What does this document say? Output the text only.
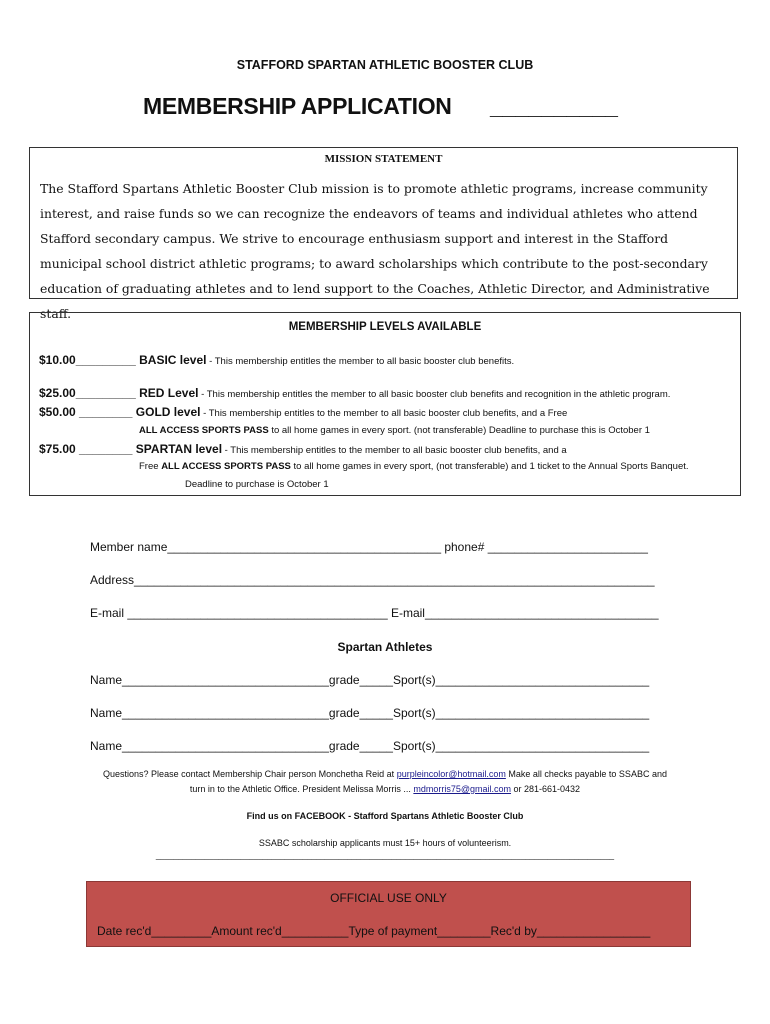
STAFFORD SPARTAN ATHLETIC BOOSTER CLUB
MEMBERSHIP APPLICATION __________
MISSION STATEMENT
The Stafford Spartans Athletic Booster Club mission is to promote athletic programs, increase community interest, and raise funds so we can recognize the endeavors of teams and individual athletes who attend Stafford secondary campus. We strive to encourage enthusiasm support and interest in the Stafford municipal school district athletic programs; to award scholarships which contribute to the post-secondary education of graduating athletes and to lend support to the Coaches, Athletic Director, and Administrative staff.
MEMBERSHIP LEVELS AVAILABLE
$10.00_________ BASIC level - This membership entitles the member to all basic booster club benefits.
$25.00_________ RED Level - This membership entitles the member to all basic booster club benefits and recognition in the athletic program.
$50.00 ________ GOLD level - This membership entitles to the member to all basic booster club benefits, and a Free
ALL ACCESS SPORTS PASS to all home games in every sport. (not transferable) Deadline to purchase this is October 1
$75.00 ________ SPARTAN level - This membership entitles to the member to all basic booster club benefits, and a
Free ALL ACCESS SPORTS PASS to all home games in every sport, (not transferable) and 1 ticket to the Annual Sports Banquet.
Deadline to purchase is October 1
Member name_________________________________________ phone# ________________________
Address______________________________________________________________________________
E-mail _______________________________________ E-mail___________________________________
Spartan Athletes
Name_______________________________grade_____Sport(s)________________________________
Name_______________________________grade_____Sport(s)________________________________
Name_______________________________grade_____Sport(s)________________________________
Questions? Please contact Membership Chair person Monchetha Reid at purpleincolor@hotmail.com Make all checks payable to SSABC and
turn in to the Athletic Office. President Melissa Morris ... mdmorris75@gmail.com or 281-661-0432
Find us on FACEBOOK - Stafford Spartans Athletic Booster Club
SSABC scholarship applicants must 15+ hours of volunteerism.
_______________________________________________________________________________________________________
OFFICIAL USE ONLY
Date rec'd_________Amount rec'd__________Type of payment________Rec'd by_________________
